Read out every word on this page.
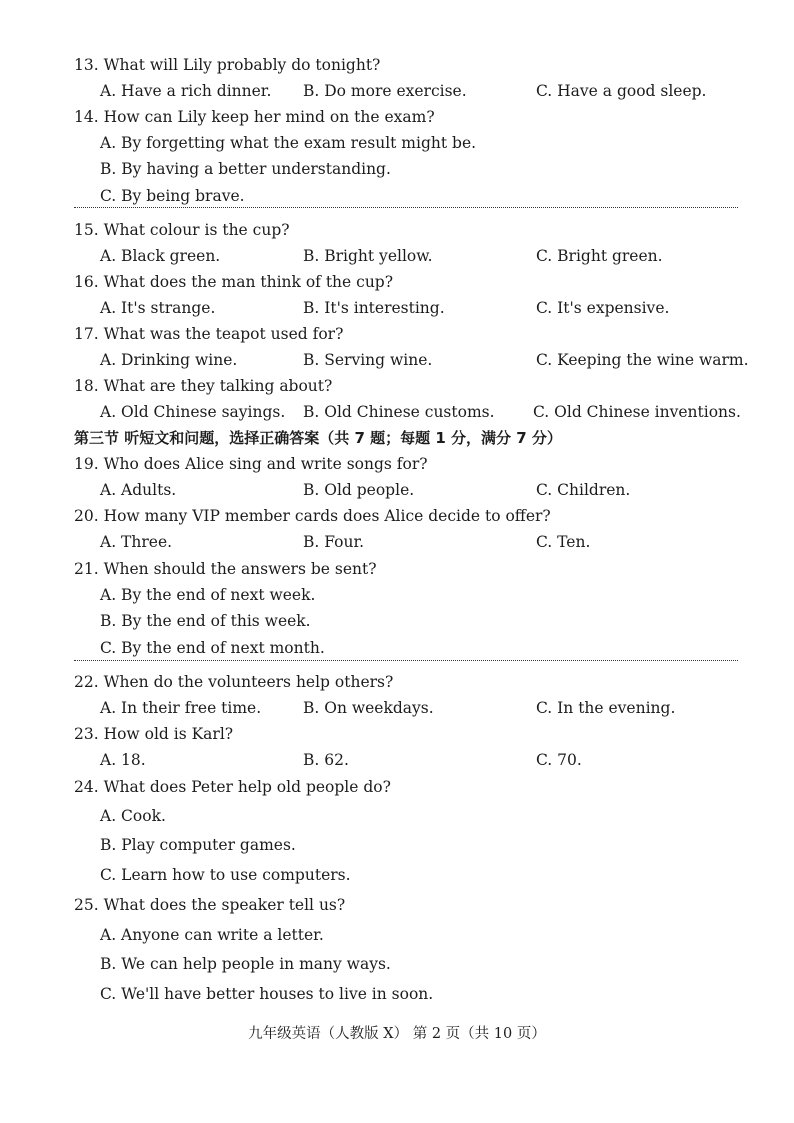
13. What will Lily probably do tonight?
A. Have a rich dinner. B. Do more exercise.	C. Have a good sleep.
14. How can Lily keep her mind on the exam?
A. By forgetting what the exam result might be.
B. By having a better understanding.
C. By being brave.
15. What colour is the cup?
A. Black green.	B. Bright yellow.	C. Bright green.
16. What does the man think of the cup?
A. It's strange.	B. It's interesting.	C. It's expensive.
17. What was the teapot used for?
A. Drinking wine.	B. Serving wine.	C. Keeping the wine warm.
18. What are they talking about?
A. Old Chinese sayings. B. Old Chinese customs. C. Old Chinese inventions.
第三节 听短文和问题，选择正确答案（共 7 题；每题 1 分，满分 7 分）
19. Who does Alice sing and write songs for?
A. Adults.	B. Old people.	C. Children.
20. How many VIP member cards does Alice decide to offer?
A. Three.	B. Four.	C. Ten.
21. When should the answers be sent?
A. By the end of next week.
B. By the end of this week.
C. By the end of next month.
22. When do the volunteers help others?
A. In their free time.	B. On weekdays.	C. In the evening.
23. How old is Karl?
A. 18.	B. 62.	C. 70.
24. What does Peter help old people do?
A. Cook.
B. Play computer games.
C. Learn how to use computers.
25. What does the speaker tell us?
A. Anyone can write a letter.
B. We can help people in many ways.
C. We'll have better houses to live in soon.
九年级英语（人教版 X） 第 2 页（共 10 页）
